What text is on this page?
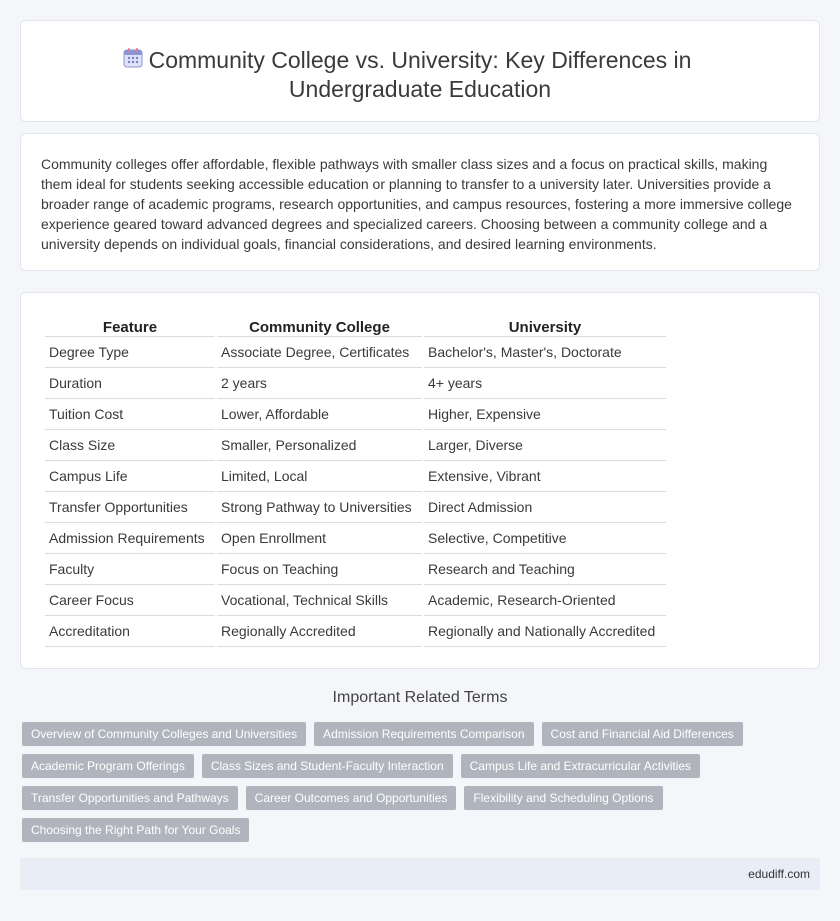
Community College vs. University: Key Differences in Undergraduate Education

Community colleges offer affordable, flexible pathways with smaller class sizes and a focus on practical skills, making them ideal for students seeking accessible education or planning to transfer to a university later. Universities provide a broader range of academic programs, research opportunities, and campus resources, fostering a more immersive college experience geared toward advanced degrees and specialized careers. Choosing between a community college and a university depends on individual goals, financial considerations, and desired learning environments.

Feature	Community College	University
Degree Type	Associate Degree, Certificates	Bachelor's, Master's, Doctorate
Duration	2 years	4+ years
Tuition Cost	Lower, Affordable	Higher, Expensive
Class Size	Smaller, Personalized	Larger, Diverse
Campus Life	Limited, Local	Extensive, Vibrant
Transfer Opportunities	Strong Pathway to Universities	Direct Admission
Admission Requirements	Open Enrollment	Selective, Competitive
Faculty	Focus on Teaching	Research and Teaching
Career Focus	Vocational, Technical Skills	Academic, Research-Oriented
Accreditation	Regionally Accredited	Regionally and Nationally Accredited
Important Related Terms
Overview of Community Colleges and Universities	Admission Requirements Comparison	Cost and Financial Aid Differences
Academic Program Offerings	Class Sizes and Student-Faculty Interaction	Campus Life and Extracurricular Activities
Transfer Opportunities and Pathways	Career Outcomes and Opportunities	Flexibility and Scheduling Options
Choosing the Right Path for Your Goals
edudiff.com
